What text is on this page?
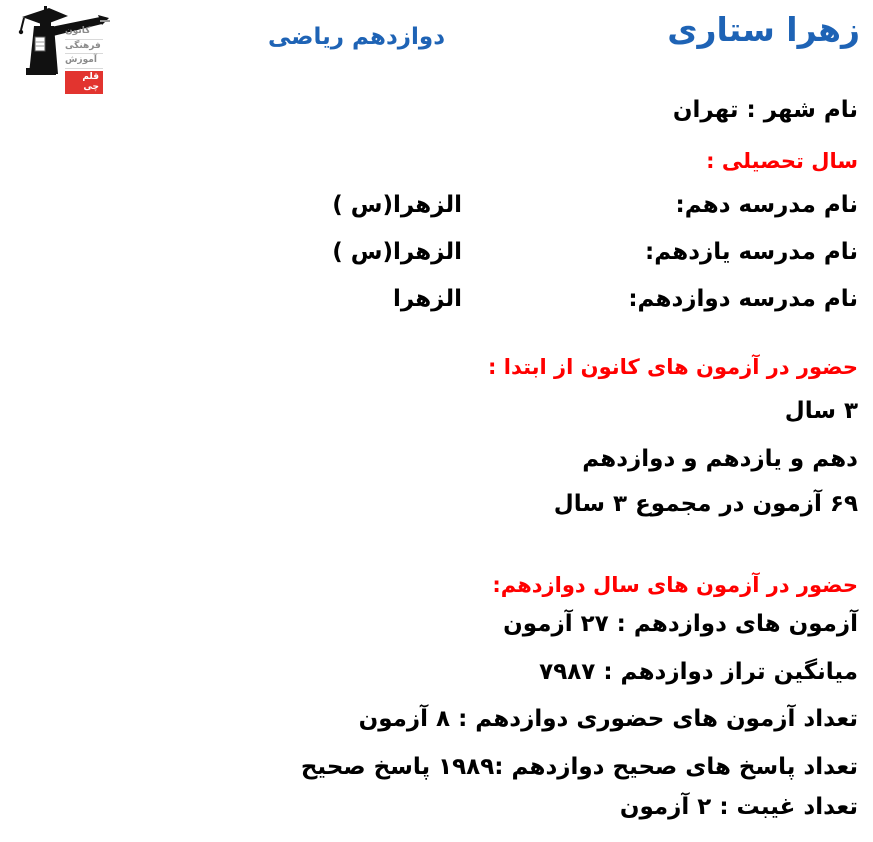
کانون
فرهنگی
آموزش
قلم چی
زهرا ستاری
دوازدهم ریاضی
نام شهر : تهران
سال تحصیلی :
نام مدرسه دهم:
الزهرا(س )
نام مدرسه یازدهم:
الزهرا(س )
نام مدرسه دوازدهم:
الزهرا
حضور در آزمون های کانون از ابتدا :
۳ سال
دهم و یازدهم و دوازدهم
۶۹ آزمون در مجموع ۳ سال
حضور در آزمون های سال دوازدهم:
آزمون های دوازدهم : ۲۷ آزمون
میانگین تراز دوازدهم : ۷۹۸۷
تعداد آزمون های حضوری دوازدهم : ۸ آزمون
تعداد پاسخ های صحیح دوازدهم :۱۹۸۹ پاسخ صحیح
تعداد غیبت : ۲ آزمون
